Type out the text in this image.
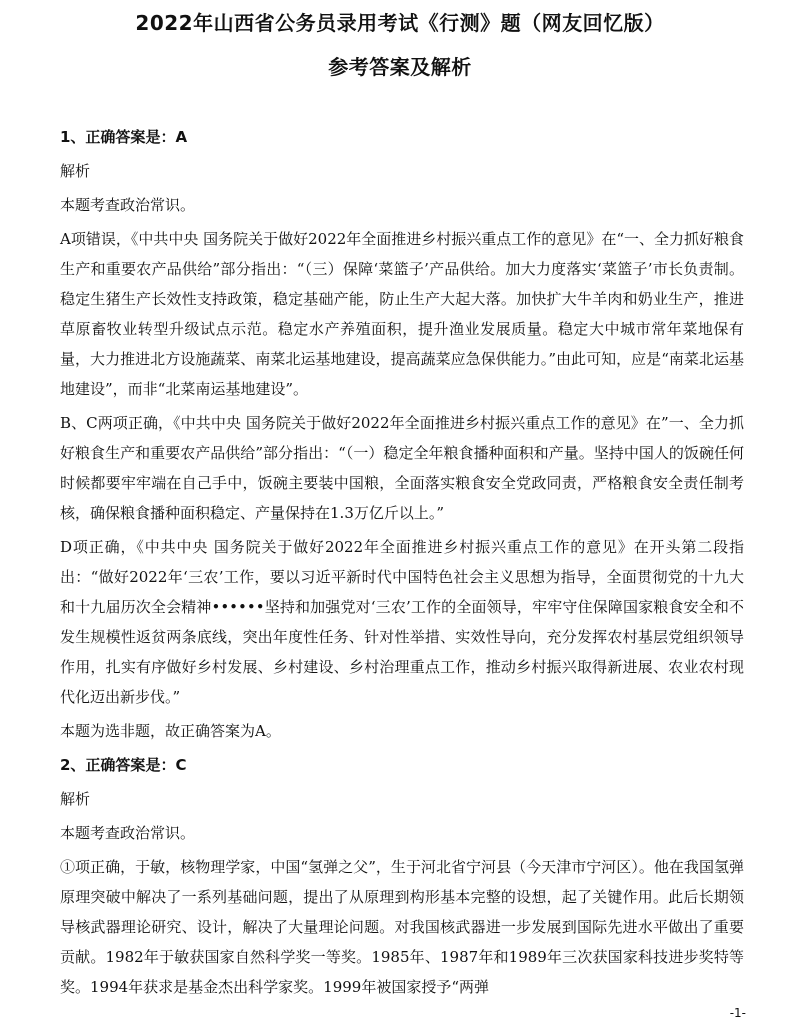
2022年山西省公务员录用考试《行测》题（网友回忆版）
参考答案及解析

1、正确答案是：A

解析

本题考查政治常识。

A项错误，《中共中央 国务院关于做好2022年全面推进乡村振兴重点工作的意见》在“一、全力抓好粮食生产和重要农产品供给”部分指出：“（三）保障‘菜篮子’产品供给。加大力度落实‘菜篮子’市长负责制。稳定生猪生产长效性支持政策，稳定基础产能，防止生产大起大落。加快扩大牛羊肉和奶业生产，推进草原畜牧业转型升级试点示范。稳定水产养殖面积，提升渔业发展质量。稳定大中城市常年菜地保有量，大力推进北方设施蔬菜、南菜北运基地建设，提高蔬菜应急保供能力。”由此可知，应是“南菜北运基地建设”，而非“北菜南运基地建设”。

B、C两项正确，《中共中央 国务院关于做好2022年全面推进乡村振兴重点工作的意见》在”一、全力抓好粮食生产和重要农产品供给”部分指出：“（一）稳定全年粮食播种面积和产量。坚持中国人的饭碗任何时候都要牢牢端在自己手中，饭碗主要装中国粮，全面落实粮食安全党政同责，严格粮食安全责任制考核，确保粮食播种面积稳定、产量保持在1.3万亿斤以上。”

D项正确，《中共中央 国务院关于做好2022年全面推进乡村振兴重点工作的意见》在开头第二段指出：“做好2022年‘三农’工作，要以习近平新时代中国特色社会主义思想为指导，全面贯彻党的十九大和十九届历次全会精神••••••坚持和加强党对‘三农’工作的全面领导，牢牢守住保障国家粮食安全和不发生规模性返贫两条底线，突出年度性任务、针对性举措、实效性导向，充分发挥农村基层党组织领导作用，扎实有序做好乡村发展、乡村建设、乡村治理重点工作，推动乡村振兴取得新进展、农业农村现代化迈出新步伐。”

本题为选非题，故正确答案为A。

2、正确答案是：C

解析

本题考查政治常识。

①项正确，于敏，核物理学家，中国“氢弹之父”，生于河北省宁河县（今天津市宁河区）。他在我国氢弹原理突破中解决了一系列基础问题，提出了从原理到构形基本完整的设想，起了关键作用。此后长期领导核武器理论研究、设计，解决了大量理论问题。对我国核武器进一步发展到国际先进水平做出了重要贡献。1982年于敏获国家自然科学奖一等奖。1985年、1987年和1989年三次获国家科技进步奖特等奖。1994年获求是基金杰出科学家奖。1999年被国家授予“两弹

-1-
